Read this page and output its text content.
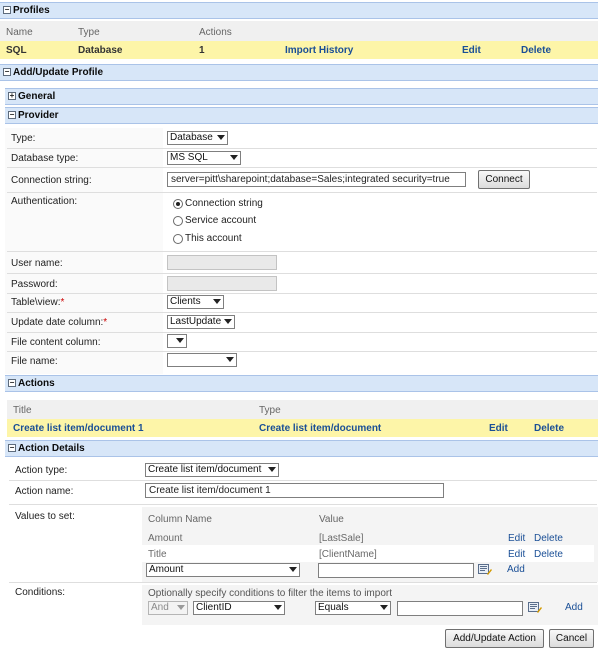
− Profiles
Name	Type	Actions
SQL	Database	1	Import History	Edit	Delete
− Add/Update Profile
+ General
− Provider
Type:	Database
Database type:	MS SQL
Connection string:	server=pitt\sharepoint;database=Sales;integrated security=true	Connect
Authentication:	Connection string
Service account
This account
User name:
Password:
Table\view:*	Clients
Update date column:*	LastUpdate
File content column:
File name:
− Actions
Title	Type
Create list item/document 1	Create list item/document	Edit	Delete
− Action Details
Action type:	Create list item/document
Action name:	Create list item/document 1
Values to set:	Column Name	Value
Amount	[LastSale]	Edit Delete
Title	[ClientName]	Edit Delete
Amount	Add
Conditions:	Optionally specify conditions to filter the items to import
And	ClientID	Equals	Add
Add/Update Action	Cancel
